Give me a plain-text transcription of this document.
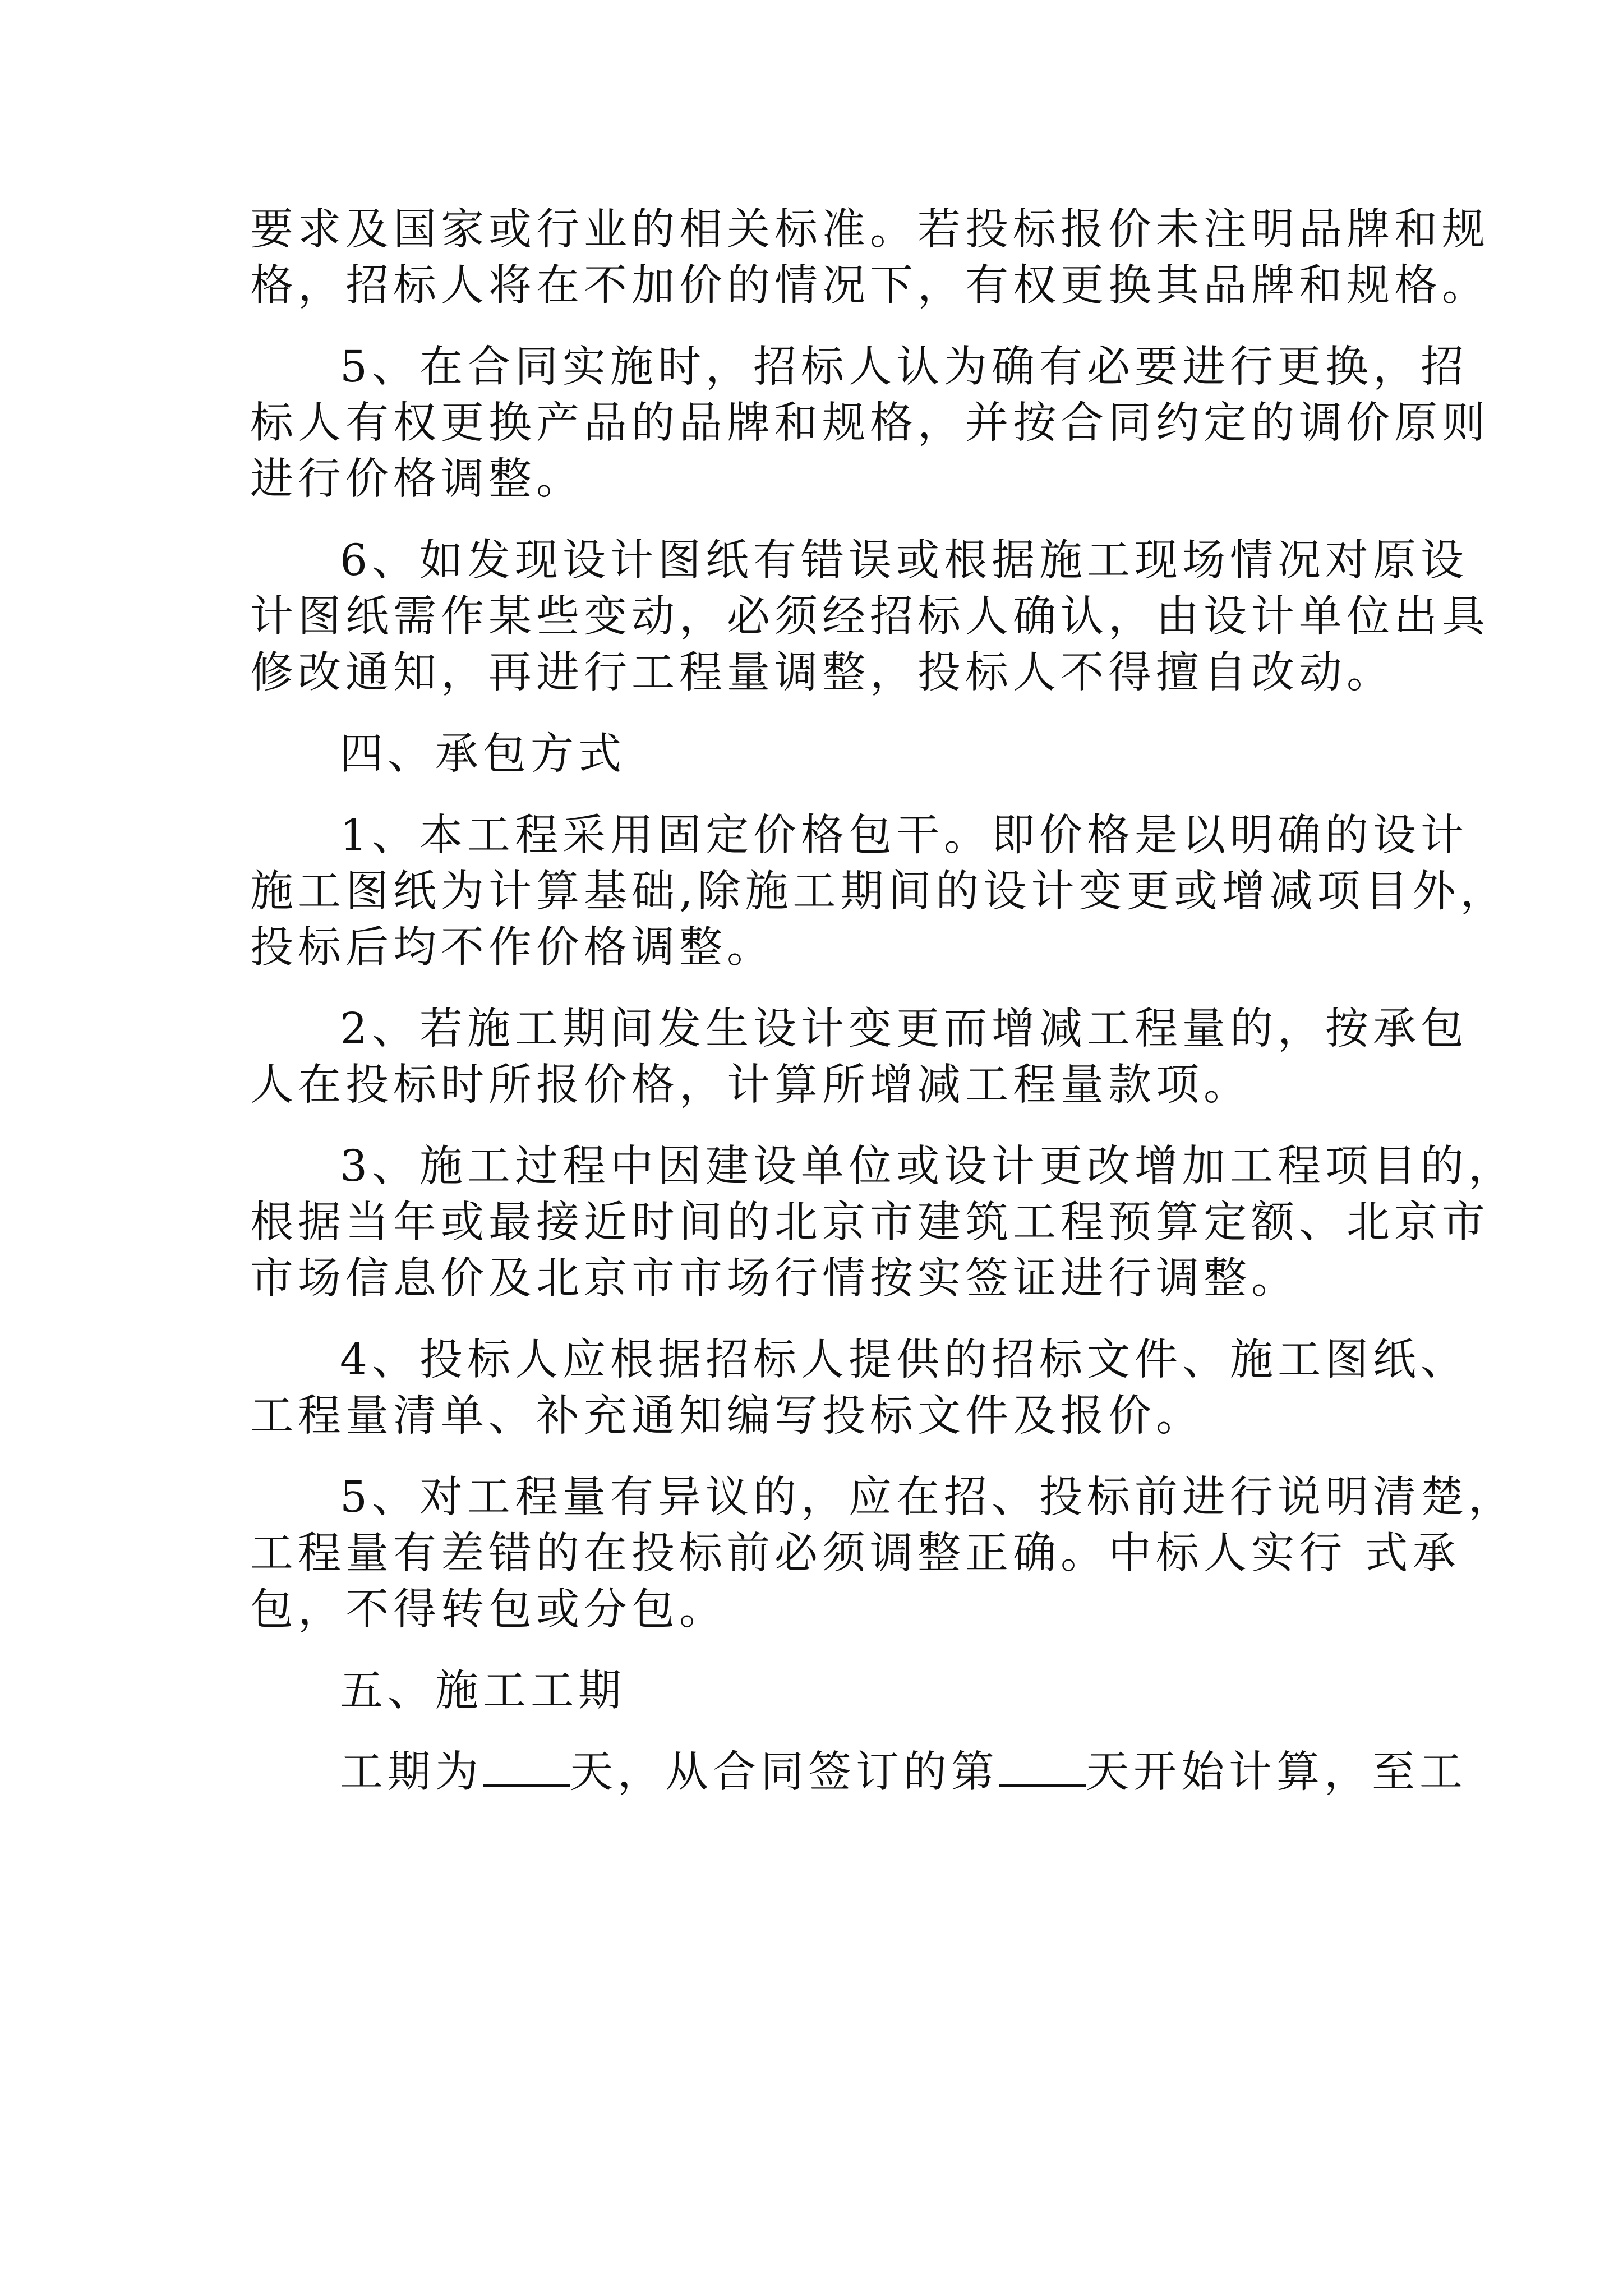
要求及国家或行业的相关标准。若投标报价未注明品牌和规

格，招标人将在不加价的情况下，有权更换其品牌和规格。

5、在合同实施时，招标人认为确有必要进行更换，招

标人有权更换产品的品牌和规格，并按合同约定的调价原则

进行价格调整。

6、如发现设计图纸有错误或根据施工现场情况对原设

计图纸需作某些变动，必须经招标人确认，由设计单位出具

修改通知，再进行工程量调整，投标人不得擅自改动。

四、承包方式

1、本工程采用固定价格包干。即价格是以明确的设计

施工图纸为计算基础,除施工期间的设计变更或增减项目外，

投标后均不作价格调整。

2、若施工期间发生设计变更而增减工程量的，按承包

人在投标时所报价格，计算所增减工程量款项。

3、施工过程中因建设单位或设计更改增加工程项目的，

根据当年或最接近时间的北京市建筑工程预算定额、北京市

市场信息价及北京市市场行情按实签证进行调整。

4、投标人应根据招标人提供的招标文件、施工图纸、

工程量清单、补充通知编写投标文件及报价。

5、对工程量有异议的，应在招、投标前进行说明清楚，

工程量有差错的在投标前必须调整正确。中标人实行 式承

包，不得转包或分包。

五、施工工期

工期为 天，从合同签订的第 天开始计算，至工
